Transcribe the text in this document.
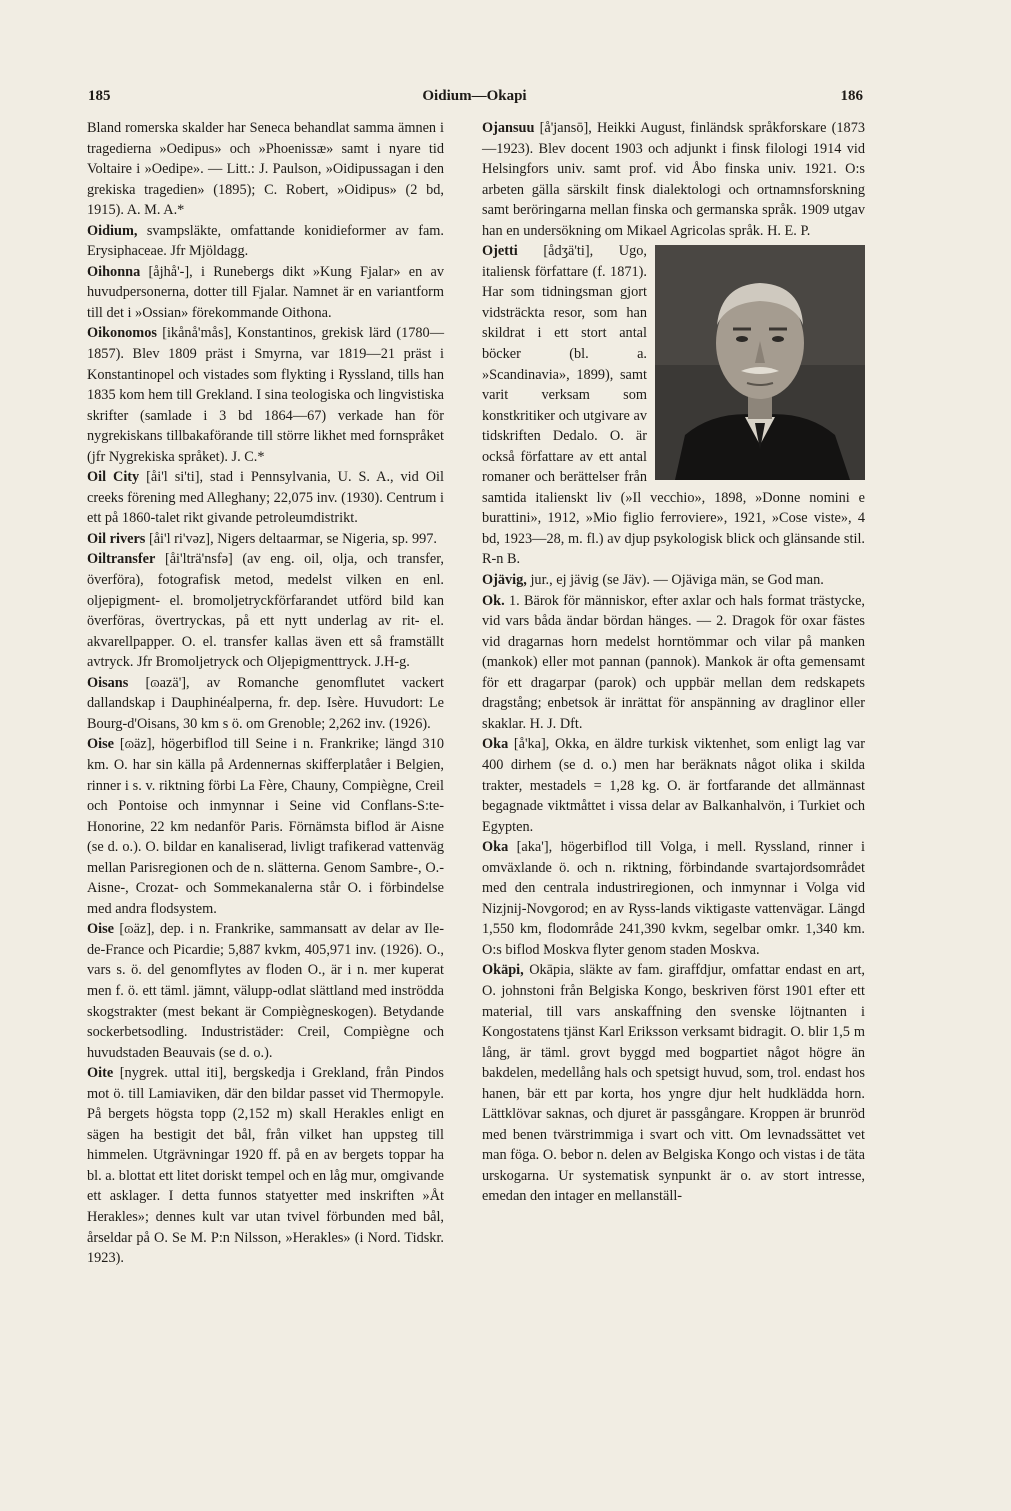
185	Oidium—Okapi	186

Bland romerska skalder har Seneca behandlat samma ämnen i tragedierna »Oedipus» och »Phoenissæ» samt i nyare tid Voltaire i »Oedipe». — Litt.: J. Paulson, »Oidipussagan i den grekiska tragedien» (1895); C. Robert, »Oidipus» (2 bd, 1915). A. M. A.*

Oidium, svampsläkte, omfattande konidieformer av fam. Erysiphaceae. Jfr Mjöldagg.

Oihonna [åjhå'-], i Runebergs dikt »Kung Fjalar» en av huvudpersonerna, dotter till Fjalar. Namnet är en variantform till det i »Ossian» förekommande Oithona.

Oikonomos [ikånå'mås], Konstantinos, grekisk lärd (1780—1857). Blev 1809 präst i Smyrna, var 1819—21 präst i Konstantinopel och vistades som flykting i Ryssland, tills han 1835 kom hem till Grekland. I sina teologiska och lingvistiska skrifter (samlade i 3 bd 1864—67) verkade han för nygrekiskans tillbakaförande till större likhet med fornspråket (jfr Nygrekiska språket). J. C.*

Oil City [åi'l si'ti], stad i Pennsylvania, U. S. A., vid Oil creeks förening med Alleghany; 22,075 inv. (1930). Centrum i ett på 1860-talet rikt givande petroleumdistrikt.

Oil rivers [åi'l ri'vəz], Nigers deltaarmar, se Nigeria, sp. 997.

Oiltransfer [åi'lträ'nsfə] (av eng. oil, olja, och transfer, överföra), fotografisk metod, medelst vilken en enl. oljepigment- el. bromoljetryckförfarandet utförd bild kan överföras, övertryckas, på ett nytt underlag av rit- el. akvarellpapper. O. el. transfer kallas även ett så framställt avtryck. Jfr Bromoljetryck och Oljepigmenttryck. J.H-g.

Oisans [ɷazä'], av Romanche genomflutet vackert dallandskap i Dauphinéalperna, fr. dep. Isère. Huvudort: Le Bourg-d'Oisans, 30 km s ö. om Grenoble; 2,262 inv. (1926).

Oise [ɷäz], högerbiflod till Seine i n. Frankrike; längd 310 km. O. har sin källa på Ardennernas skifferplatåer i Belgien, rinner i s. v. riktning förbi La Fère, Chauny, Compiègne, Creil och Pontoise och inmynnar i Seine vid Conflans-S:te-Honorine, 22 km nedanför Paris. Förnämsta biflod är Aisne (se d. o.). O. bildar en kanaliserad, livligt trafikerad vattenväg mellan Parisregionen och de n. slätterna. Genom Sambre-, O.-Aisne-, Crozat- och Sommekanalerna står O. i förbindelse med andra flodsystem.

Oise [ɷäz], dep. i n. Frankrike, sammansatt av delar av Ile-de-France och Picardie; 5,887 kvkm, 405,971 inv. (1926). O., vars s. ö. del genomflytes av floden O., är i n. mer kuperat men f. ö. ett täml. jämnt, välupp-odlat slättland med inströdda skogstrakter (mest bekant är Compiègneskogen). Betydande sockerbetsodling. Industristäder: Creil, Compiègne och huvudstaden Beauvais (se d. o.).

Oite [nygrek. uttal iti], bergskedja i Grekland, från Pindos mot ö. till Lamiaviken, där den bildar passet vid Thermopyle. På bergets högsta topp (2,152 m) skall Herakles enligt en sägen ha bestigit det bål, från vilket han uppsteg till himmelen. Utgrävningar 1920 ff. på en av bergets toppar ha bl. a. blottat ett litet doriskt tempel och en låg mur, omgivande ett asklager. I detta funnos statyetter med inskriften »Åt Herakles»; dennes kult var utan tvivel förbunden med bål, årseldar på O. Se M. P:n Nilsson, »Herakles» (i Nord. Tidskr. 1923).

Ojansuu [å'jansō], Heikki August, finländsk språkforskare (1873—1923). Blev docent 1903 och adjunkt i finsk filologi 1914 vid Helsingfors univ. samt prof. vid Åbo finska univ. 1921. O:s arbeten gälla särskilt finsk dialektologi och ortnamnsforskning samt beröringarna mellan finska och germanska språk. 1909 utgav han en undersökning om Mikael Agricolas språk. H. E. P.

Ojetti [ådʒä'ti], Ugo, italiensk författare (f. 1871). Har som tidningsman gjort vidsträckta resor, som han skildrat i ett stort antal böcker (bl. a. »Scandinavia», 1899), samt varit verksam som konstkritiker och utgivare av tidskriften Dedalo. O. är också författare av ett antal romaner och berättelser från samtida italienskt liv (»Il vecchio», 1898, »Donne nomini e burattini», 1912, »Mio figlio ferroviere», 1921, »Cose viste», 4 bd, 1923—28, m. fl.) av djup psykologisk blick och glänsande stil. R-n B.

Ojävig, jur., ej jävig (se Jäv). — Ojäviga män, se God man.

Ok. 1. Bärok för människor, efter axlar och hals format trästycke, vid vars båda ändar bördan hänges. — 2. Dragok för oxar fästes vid dragarnas horn medelst horntömmar och vilar på manken (mankok) eller mot pannan (pannok). Mankok är ofta gemensamt för ett dragarpar (parok) och uppbär mellan dem redskapets dragstång; enbetsok är inrättat för anspänning av draglinor eller skaklar. H. J. Dft.

Oka [å'ka], Okka, en äldre turkisk viktenhet, som enligt lag var 400 dirhem (se d. o.) men har beräknats något olika i skilda trakter, mestadels = 1,28 kg. O. är fortfarande det allmännast begagnade viktmåttet i vissa delar av Balkanhalvön, i Turkiet och Egypten.

Oka [aka'], högerbiflod till Volga, i mell. Ryssland, rinner i omväxlande ö. och n. riktning, förbindande svartajordsområdet med den centrala industriregionen, och inmynnar i Volga vid Nizjnij-Novgorod; en av Ryss-lands viktigaste vattenvägar. Längd 1,550 km, flodområde 241,390 kvkm, segelbar omkr. 1,340 km. O:s biflod Moskva flyter genom staden Moskva.

Okäpi, Okāpia, släkte av fam. giraffdjur, omfattar endast en art, O. johnstoni från Belgiska Kongo, beskriven först 1901 efter ett material, till vars anskaffning den svenske löjtnanten i Kongostatens tjänst Karl Eriksson verksamt bidragit. O. blir 1,5 m lång, är täml. grovt byggd med bogpartiet något högre än bakdelen, medellång hals och spetsigt huvud, som, trol. endast hos hanen, bär ett par korta, hos yngre djur helt hudklädda horn. Lättklövar saknas, och djuret är passgångare. Kroppen är brunröd med benen tvärstrimmiga i svart och vitt. Om levnadssättet vet man föga. O. bebor n. delen av Belgiska Kongo och vistas i de täta urskogarna. Ur systematisk synpunkt är o. av stort intresse, emedan den intager en mellanställ-
